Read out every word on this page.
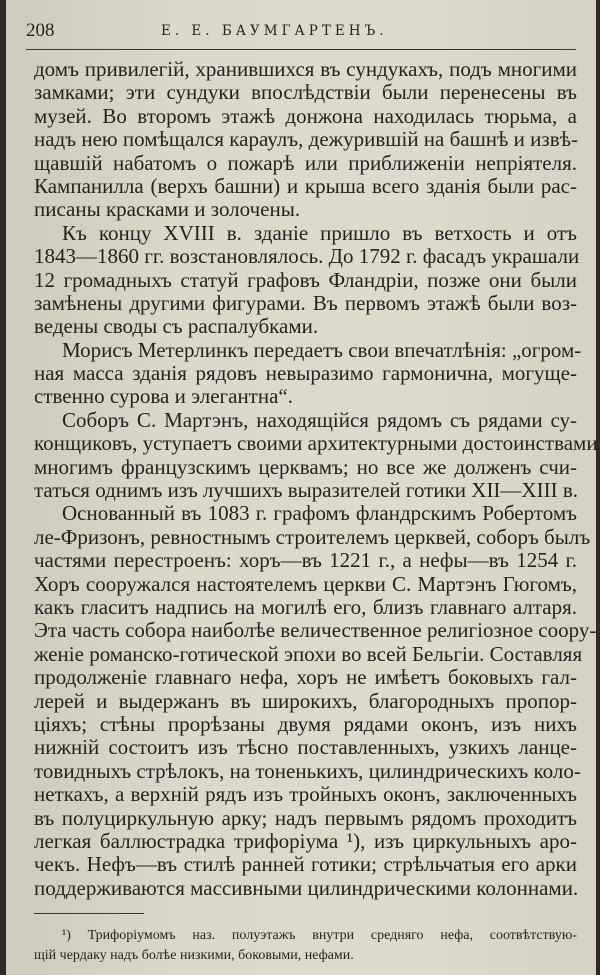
208	Е. Е. БАУМГАРТЕНЪ.
домъ привилегій, хранившихся въ сундукахъ, подъ многими
замками; эти сундуки впослѣдствіи были перенесены въ
музей. Во второмъ этажѣ донжона находилась тюрьма, а
надъ нею помѣщался караулъ, дежурившій на башнѣ и извѣ-
щавшій набатомъ о пожарѣ или приближеніи непріятеля.
Кампанилла (верхъ башни) и крыша всего зданія были рас-
писаны красками и золочены.
Къ концу XVIII в. зданіе пришло въ ветхость и отъ
1843—1860 гг. возстановлялось. До 1792 г. фасадъ украшали
12 громадныхъ статуй графовъ Фландріи, позже они были
замѣнены другими фигурами. Въ первомъ этажѣ были воз-
ведены своды съ распалубками.
Морисъ Метерлинкъ передаетъ свои впечатлѣнія: „огром-
ная масса зданія рядовъ невыразимо гармонична, могуще-
ственно сурова и элегантна“.
Соборъ С. Мартэнъ, находящійся рядомъ съ рядами су-
конщиковъ, уступаетъ своими архитектурными достоинствами
многимъ французскимъ церквамъ; но все же долженъ счи-
таться однимъ изъ лучшихъ выразителей готики XII—XIII в.
Основанный въ 1083 г. графомъ фландрскимъ Робертомъ
ле-Фризонъ, ревностнымъ строителемъ церквей, соборъ былъ
частями перестроенъ: хоръ—въ 1221 г., а нефы—въ 1254 г.
Хоръ сооружался настоятелемъ церкви С. Мартэнъ Гюгомъ,
какъ гласитъ надпись на могилѣ его, близъ главнаго алтаря.
Эта часть собора наиболѣе величественное религіозное соору-
женіе романско-готической эпохи во всей Бельгіи. Составляя
продолженіе главнаго нефа, хоръ не имѣетъ боковыхъ гал-
лерей и выдержанъ въ широкихъ, благородныхъ пропор-
ціяхъ; стѣны прорѣзаны двумя рядами оконъ, изъ нихъ
нижній состоитъ изъ тѣсно поставленныхъ, узкихъ ланце-
товидныхъ стрѣлокъ, на тоненькихъ, цилиндрическихъ коло-
неткахъ, а верхній рядъ изъ тройныхъ оконъ, заключенныхъ
въ полуциркульную арку; надъ первымъ рядомъ проходитъ
легкая баллюстрадка трифоріума ¹), изъ циркульныхъ аро-
чекъ. Нефъ—въ стилѣ ранней готики; стрѣльчатыя его арки
поддерживаются массивными цилиндрическими колоннами.
¹) Трифоріумомъ наз. полуэтажъ внутри средняго нефа, соотвѣтствую-
щій чердаку надъ болѣе низкими, боковыми, нефами.
